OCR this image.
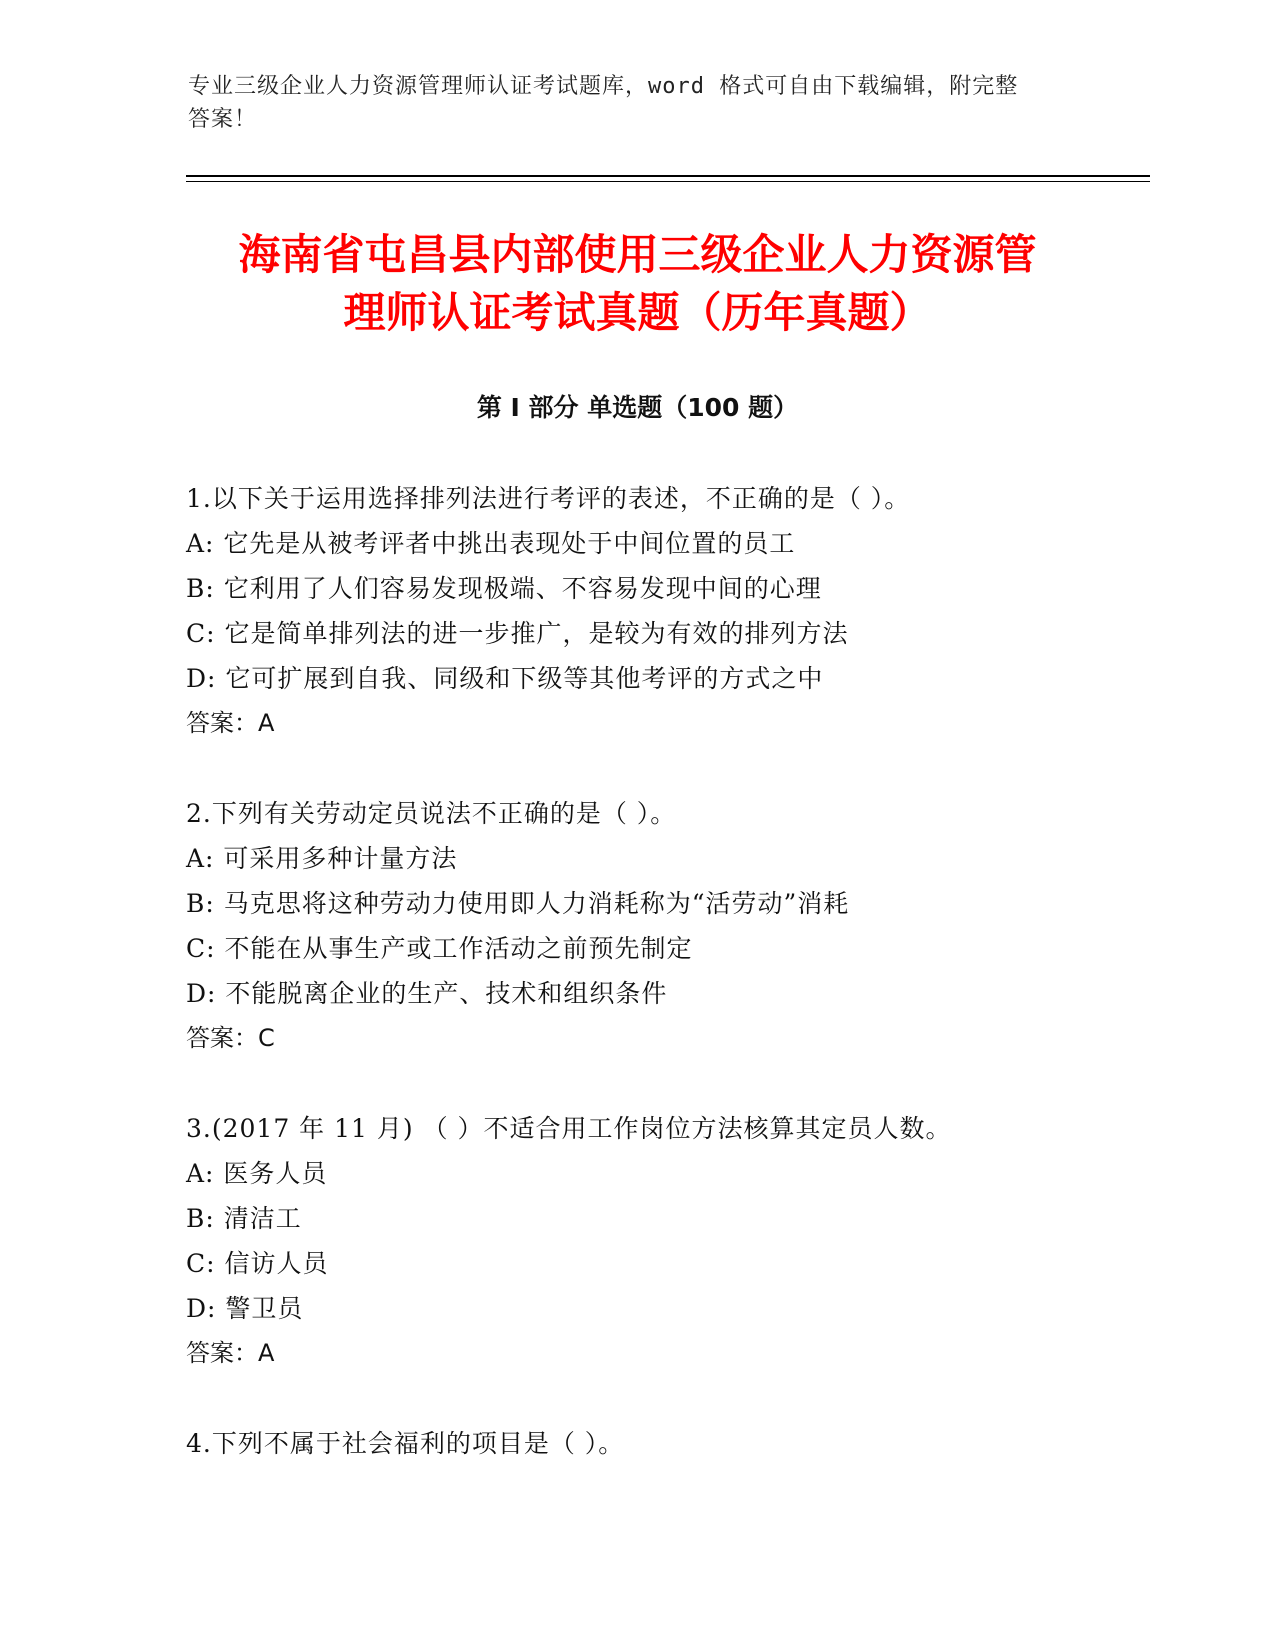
专业三级企业人力资源管理师认证考试题库，word 格式可自由下载编辑，附完整
答案！
海南省屯昌县内部使用三级企业人力资源管
理师认证考试真题（历年真题）
第 I 部分 单选题（100 题）
1.以下关于运用选择排列法进行考评的表述，不正确的是（ ）。
A: 它先是从被考评者中挑出表现处于中间位置的员工
B: 它利用了人们容易发现极端、不容易发现中间的心理
C: 它是简单排列法的进一步推广，是较为有效的排列方法
D: 它可扩展到自我、同级和下级等其他考评的方式之中
答案：A
2.下列有关劳动定员说法不正确的是（ ）。
A: 可采用多种计量方法
B: 马克思将这种劳动力使用即人力消耗称为“活劳动”消耗
C: 不能在从事生产或工作活动之前预先制定
D: 不能脱离企业的生产、技术和组织条件
答案：C
3.(2017 年 11 月) （ ）不适合用工作岗位方法核算其定员人数。
A: 医务人员
B: 清洁工
C: 信访人员
D: 警卫员
答案：A
4.下列不属于社会福利的项目是（ ）。
